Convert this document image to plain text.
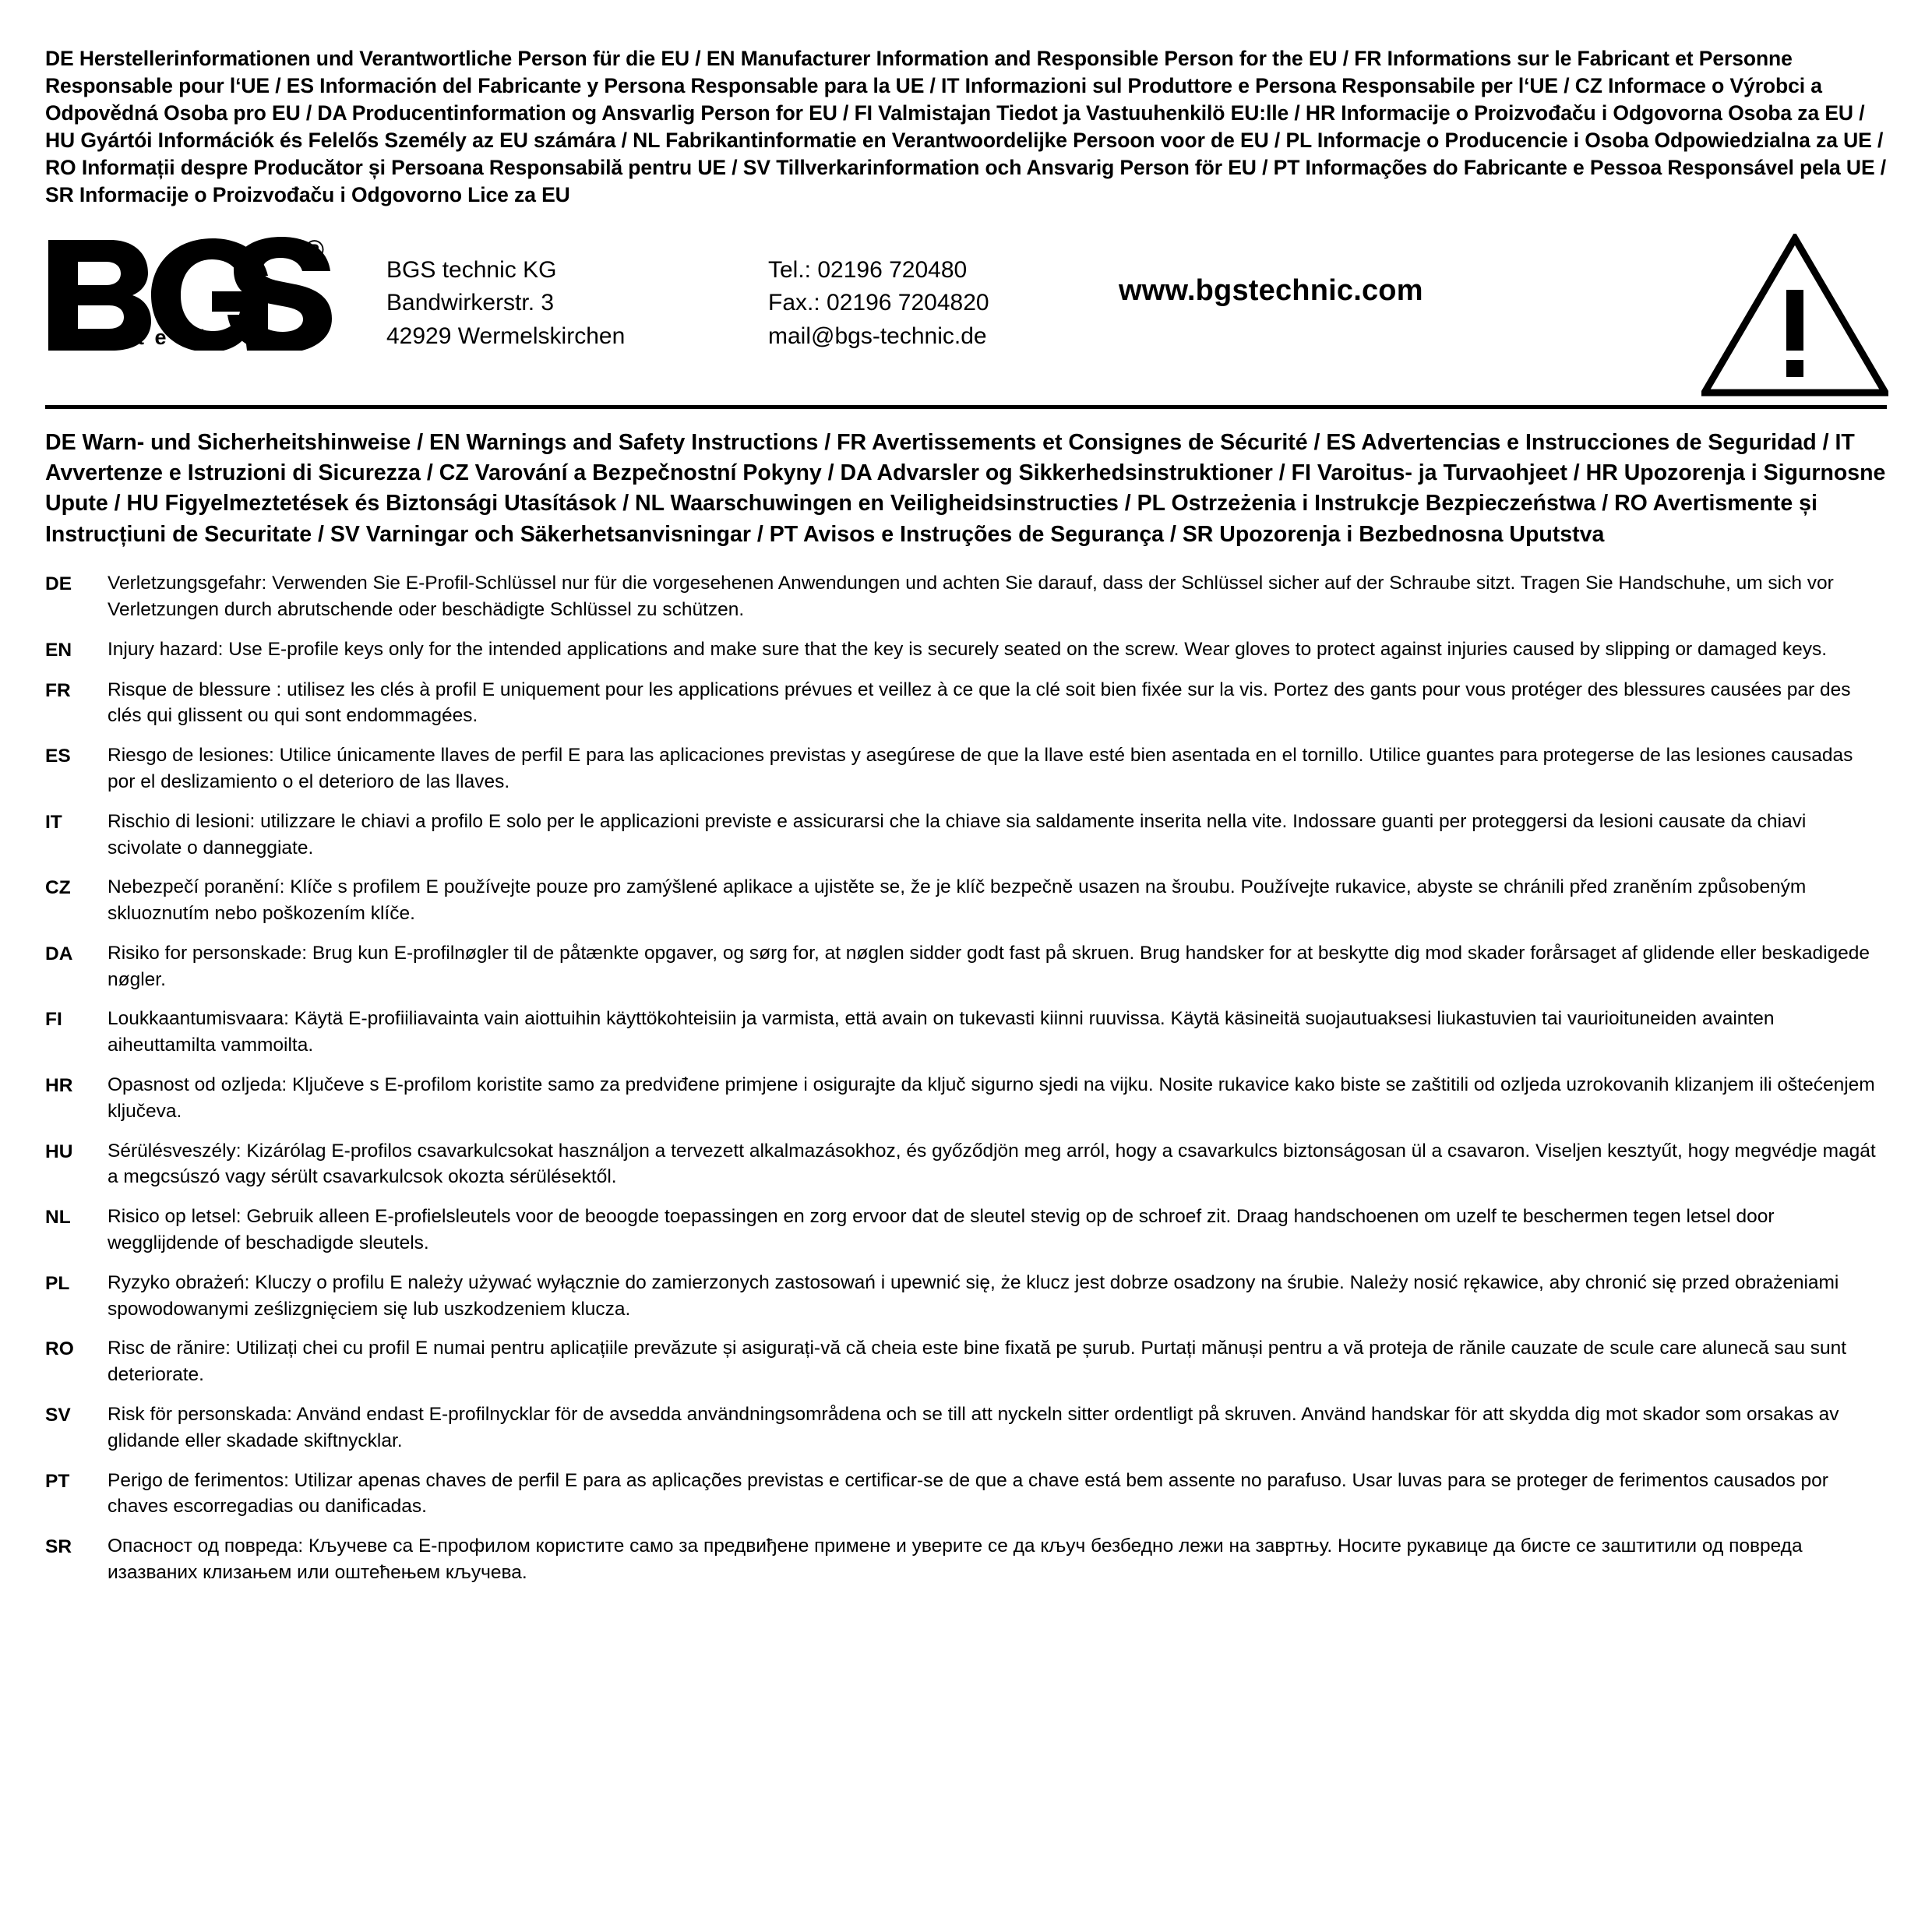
DE Herstellerinformationen und Verantwortliche Person für die EU / EN Manufacturer Information and Responsible Person for the EU / FR Informations sur le Fabricant et Personne Responsable pour l‘UE / ES Información del Fabricante y Persona Responsable para la UE / IT Informazioni sul Produttore e Persona Responsabile per l‘UE / CZ Informace o Výrobci a Odpovědná Osoba pro EU / DA Producentinformation og Ansvarlig Person for EU / FI Valmistajan Tiedot ja Vastuuhenkilö EU:lle / HR Informacije o Proizvođaču i Odgovorna Osoba za EU / HU Gyártói Információk és Felelős Személy az EU számára / NL Fabrikantinformatie en Verantwoordelijke Persoon voor de EU / PL Informacje o Producencie i Osoba Odpowiedzialna za UE / RO Informații despre Producător și Persoana Responsabilă pentru UE / SV Tillverkarinformation och Ansvarig Person för EU / PT Informações do Fabricante e Pessoa Responsável pela UE / SR Informacije o Proizvođaču i Odgovorno Lice za EU
®
t e c h n i c
BGS technic KG
Bandwirkerstr. 3
42929 Wermelskirchen
Tel.: 02196 720480
Fax.: 02196 7204820
mail@bgs-technic.de
www.bgstechnic.com
DE Warn- und Sicherheitshinweise / EN Warnings and Safety Instructions / FR Avertissements et Consignes de Sécurité / ES Advertencias e Instrucciones de Seguridad / IT Avvertenze e Istruzioni di Sicurezza / CZ Varování a Bezpečnostní Pokyny / DA Advarsler og Sikkerhedsinstruktioner / FI Varoitus- ja Turvaohjeet / HR Upozorenja i Sigurnosne Upute / HU Figyelmeztetések és Biztonsági Utasítások / NL Waarschuwingen en Veiligheidsinstructies / PL Ostrzeżenia i Instrukcje Bezpieczeństwa / RO Avertismente și Instrucțiuni de Securitate / SV Varningar och Säkerhetsanvisningar / PT Avisos e Instruções de Segurança / SR Upozorenja i Bezbednosna Uputstva
DE	Verletzungsgefahr: Verwenden Sie E-Profil-Schlüssel nur für die vorgesehenen Anwendungen und achten Sie darauf, dass der Schlüssel sicher auf der Schraube sitzt. Tragen Sie Handschuhe, um sich vor Verletzungen durch abrutschende oder beschädigte Schlüssel zu schützen.
EN	Injury hazard: Use E-profile keys only for the intended applications and make sure that the key is securely seated on the screw. Wear gloves to protect against injuries caused by slipping or damaged keys.
FR	Risque de blessure : utilisez les clés à profil E uniquement pour les applications prévues et veillez à ce que la clé soit bien fixée sur la vis. Portez des gants pour vous protéger des blessures causées par des clés qui glissent ou qui sont endommagées.
ES	Riesgo de lesiones: Utilice únicamente llaves de perfil E para las aplicaciones previstas y asegúrese de que la llave esté bien asentada en el tornillo. Utilice guantes para protegerse de las lesiones causadas por el deslizamiento o el deterioro de las llaves.
IT	Rischio di lesioni: utilizzare le chiavi a profilo E solo per le applicazioni previste e assicurarsi che la chiave sia saldamente inserita nella vite. Indossare guanti per proteggersi da lesioni causate da chiavi scivolate o danneggiate.
CZ	Nebezpečí poranění: Klíče s profilem E používejte pouze pro zamýšlené aplikace a ujistěte se, že je klíč bezpečně usazen na šroubu. Používejte rukavice, abyste se chránili před zraněním způsobeným skluoznutím nebo poškozením klíče.
DA	Risiko for personskade: Brug kun E-profilnøgler til de påtænkte opgaver, og sørg for, at nøglen sidder godt fast på skruen. Brug handsker for at beskytte dig mod skader forårsaget af glidende eller beskadigede nøgler.
FI	Loukkaantumisvaara: Käytä E-profiiliavainta vain aiottuihin käyttökohteisiin ja varmista, että avain on tukevasti kiinni ruuvissa. Käytä käsineitä suojautuaksesi liukastuvien tai vaurioituneiden avainten aiheuttamilta vammoilta.
HR	Opasnost od ozljeda: Ključeve s E-profilom koristite samo za predviđene primjene i osigurajte da ključ sigurno sjedi na vijku. Nosite rukavice kako biste se zaštitili od ozljeda uzrokovanih klizanjem ili oštećenjem ključeva.
HU	Sérülésveszély: Kizárólag E-profilos csavarkulcsokat használjon a tervezett alkalmazásokhoz, és győződjön meg arról, hogy a csavarkulcs biztonságosan ül a csavaron. Viseljen kesztyűt, hogy megvédje magát a megcsúszó vagy sérült csavarkulcsok okozta sérülésektől.
NL	Risico op letsel: Gebruik alleen E-profielsleutels voor de beoogde toepassingen en zorg ervoor dat de sleutel stevig op de schroef zit. Draag handschoenen om uzelf te beschermen tegen letsel door wegglijdende of beschadigde sleutels.
PL	Ryzyko obrażeń: Kluczy o profilu E należy używać wyłącznie do zamierzonych zastosowań i upewnić się, że klucz jest dobrze osadzony na śrubie. Należy nosić rękawice, aby chronić się przed obrażeniami spowodowanymi ześlizgnięciem się lub uszkodzeniem klucza.
RO	Risc de rănire: Utilizați chei cu profil E numai pentru aplicațiile prevăzute și asigurați-vă că cheia este bine fixată pe șurub. Purtați mănuși pentru a vă proteja de rănile cauzate de scule care alunecă sau sunt deteriorate.
SV	Risk för personskada: Använd endast E-profilnycklar för de avsedda användningsområdena och se till att nyckeln sitter ordentligt på skruven. Använd handskar för att skydda dig mot skador som orsakas av glidande eller skadade skiftnycklar.
PT	Perigo de ferimentos: Utilizar apenas chaves de perfil E para as aplicações previstas e certificar-se de que a chave está bem assente no parafuso. Usar luvas para se proteger de ferimentos causados por chaves escorregadias ou danificadas.
SR	Опасност од повреда: Кључеве са Е-профилом користите само за предвиђене примене и уверите се да кључ безбедно лежи на завртњу. Носите рукавице да бисте се заштитили од повреда изазваних клизањем или оштећењем кључева.
